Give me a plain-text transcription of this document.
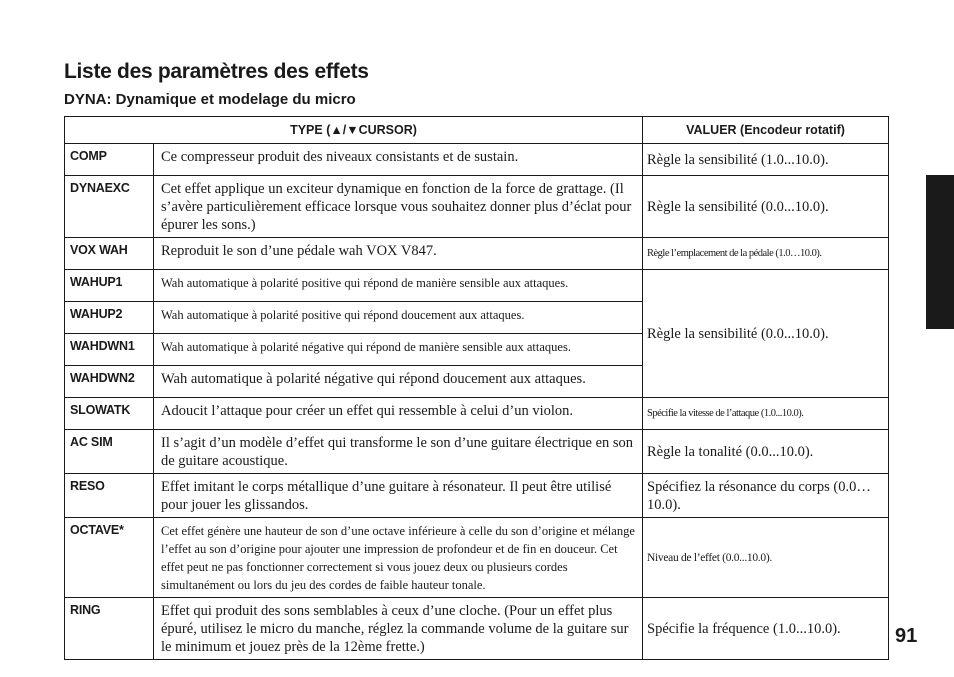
Liste des paramètres des effets
DYNA: Dynamique et modelage du micro
TYPE (▲/▼CURSOR)		VALUER (Encodeur rotatif)
COMP	Ce compresseur produit des niveaux consistants et de sustain.	Règle la sensibilité (1.0...10.0).
DYNAEXC	Cet effet applique un exciteur dynamique en fonction de la force de grattage. (Il s’avère particulièrement efficace lorsque vous souhaitez donner plus d’éclat pour épurer les sons.)	Règle la sensibilité (0.0...10.0).
VOX WAH	Reproduit le son d’une pédale wah VOX V847.	Règle l’emplacement de la pédale (1.0…10.0).
WAHUP1	Wah automatique à polarité positive qui répond de manière sensible aux attaques.	Règle la sensibilité (0.0...10.0).
WAHUP2	Wah automatique à polarité positive qui répond doucement aux attaques.	
WAHDWN1	Wah automatique à polarité négative qui répond de manière sensible aux attaques.	
WAHDWN2	Wah automatique à polarité négative qui répond doucement aux attaques.	
SLOWATK	Adoucit l’attaque pour créer un effet qui ressemble à celui d’un violon.	Spécifie la vitesse de l’attaque (1.0...10.0).
AC SIM	Il s’agit d’un modèle d’effet qui transforme le son d’une guitare électrique en son de guitare acoustique.	Règle la tonalité (0.0...10.0).
RESO	Effet imitant le corps métallique d’une guitare à résonateur. Il peut être utilisé pour jouer les glissandos.	Spécifiez la résonance du corps (0.0…10.0).
OCTAVE*	Cet effet génère une hauteur de son d’une octave inférieure à celle du son d’origine et mélange l’effet au son d’origine pour ajouter une impression de profondeur et de fin en douceur. Cet effet peut ne pas fonctionner correctement si vous jouez deux ou plusieurs cordes simultanément ou lors du jeu des cordes de faible hauteur tonale.	Niveau de l’effet (0.0...10.0).
RING	Effet qui produit des sons semblables à ceux d’une cloche. (Pour un effet plus épuré, utilisez le micro du manche, réglez la commande volume de la guitare sur le minimum et jouez près de la 12ème frette.)	Spécifie la fréquence (1.0...10.0).	91
